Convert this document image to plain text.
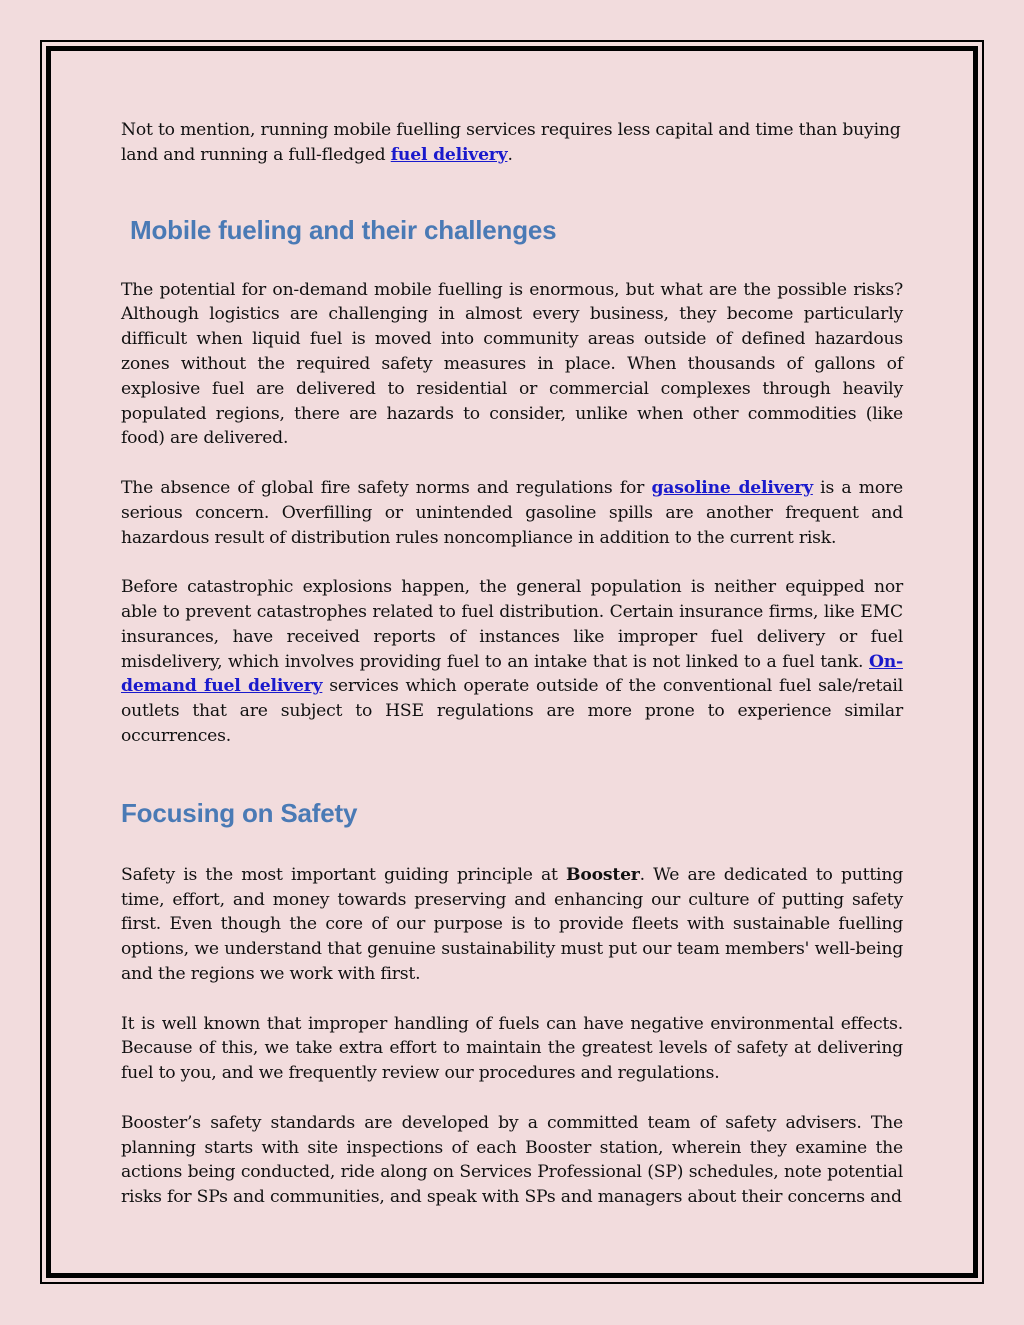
Not to mention, running mobile fuelling services requires less capital and time than buying land and running a full-fledged fuel delivery.

Mobile fueling and their challenges

The potential for on-demand mobile fuelling is enormous, but what are the possible risks? Although logistics are challenging in almost every business, they become particularly difficult when liquid fuel is moved into community areas outside of defined hazardous zones without the required safety measures in place. When thousands of gallons of explosive fuel are delivered to residential or commercial complexes through heavily populated regions, there are hazards to consider, unlike when other commodities (like food) are delivered.

The absence of global fire safety norms and regulations for gasoline delivery is a more serious concern. Overfilling or unintended gasoline spills are another frequent and hazardous result of distribution rules noncompliance in addition to the current risk.

Before catastrophic explosions happen, the general population is neither equipped nor able to prevent catastrophes related to fuel distribution. Certain insurance firms, like EMC insurances, have received reports of instances like improper fuel delivery or fuel misdelivery, which involves providing fuel to an intake that is not linked to a fuel tank. On-demand fuel delivery services which operate outside of the conventional fuel sale/retail outlets that are subject to HSE regulations are more prone to experience similar occurrences.

Focusing on Safety

Safety is the most important guiding principle at Booster. We are dedicated to putting time, effort, and money towards preserving and enhancing our culture of putting safety first. Even though the core of our purpose is to provide fleets with sustainable fuelling options, we understand that genuine sustainability must put our team members' well-being and the regions we work with first.

It is well known that improper handling of fuels can have negative environmental effects. Because of this, we take extra effort to maintain the greatest levels of safety at delivering fuel to you, and we frequently review our procedures and regulations.

Booster’s safety standards are developed by a committed team of safety advisers. The planning starts with site inspections of each Booster station, wherein they examine the actions being conducted, ride along on Services Professional (SP) schedules, note potential risks for SPs and communities, and speak with SPs and managers about their concerns and
